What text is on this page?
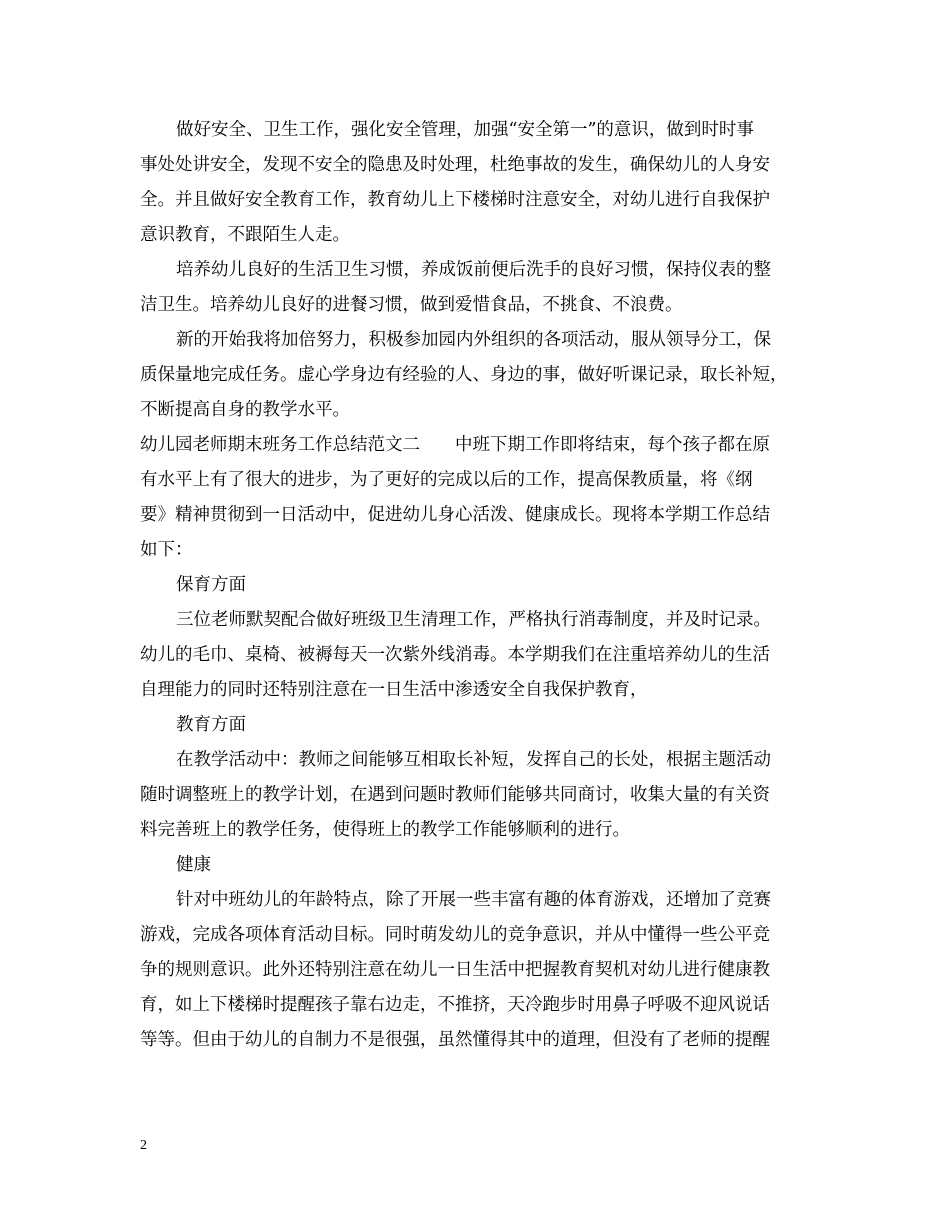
做好安全、卫生工作，强化安全管理，加强“安全第一”的意识，做到时时事
事处处讲安全，发现不安全的隐患及时处理，杜绝事故的发生，确保幼儿的人身安
全。并且做好安全教育工作，教育幼儿上下楼梯时注意安全，对幼儿进行自我保护
意识教育，不跟陌生人走。
培养幼儿良好的生活卫生习惯，养成饭前便后洗手的良好习惯，保持仪表的整
洁卫生。培养幼儿良好的进餐习惯，做到爱惜食品，不挑食、不浪费。
新的开始我将加倍努力，积极参加园内外组织的各项活动，服从领导分工，保
质保量地完成任务。虚心学身边有经验的人、身边的事，做好听课记录，取长补短，
不断提高自身的教学水平。
幼儿园老师期末班务工作总结范文二　　中班下期工作即将结束，每个孩子都在原
有水平上有了很大的进步，为了更好的完成以后的工作，提高保教质量，将《纲
要》精神贯彻到一日活动中，促进幼儿身心活泼、健康成长。现将本学期工作总结
如下：
保育方面
三位老师默契配合做好班级卫生清理工作，严格执行消毒制度，并及时记录。
幼儿的毛巾、桌椅、被褥每天一次紫外线消毒。本学期我们在注重培养幼儿的生活
自理能力的同时还特别注意在一日生活中渗透安全自我保护教育，
教育方面
在教学活动中：教师之间能够互相取长补短，发挥自己的长处，根据主题活动
随时调整班上的教学计划，在遇到问题时教师们能够共同商讨，收集大量的有关资
料完善班上的教学任务，使得班上的教学工作能够顺利的进行。
健康
针对中班幼儿的年龄特点，除了开展一些丰富有趣的体育游戏，还增加了竞赛
游戏，完成各项体育活动目标。同时萌发幼儿的竞争意识，并从中懂得一些公平竞
争的规则意识。此外还特别注意在幼儿一日生活中把握教育契机对幼儿进行健康教
育，如上下楼梯时提醒孩子靠右边走，不推挤，天冷跑步时用鼻子呼吸不迎风说话
等等。但由于幼儿的自制力不是很强，虽然懂得其中的道理，但没有了老师的提醒
2
